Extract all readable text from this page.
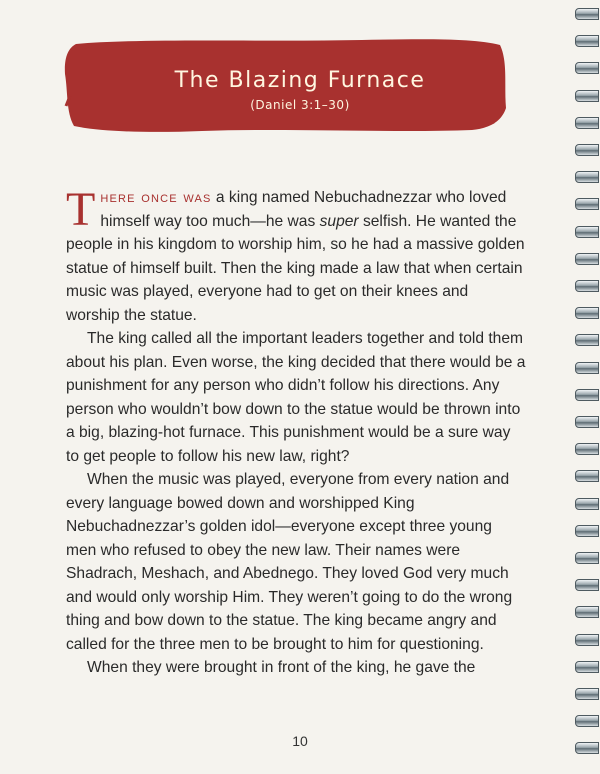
The Blazing Furnace
(Daniel 3:1–30)

There once was a king named Nebuchadnezzar who loved himself way too much—he was super selfish. He wanted the people in his kingdom to worship him, so he had a massive golden statue of himself built. Then the king made a law that when certain music was played, everyone had to get on their knees and worship the statue.

The king called all the important leaders together and told them about his plan. Even worse, the king decided that there would be a punishment for any person who didn’t follow his directions. Any person who wouldn’t bow down to the statue would be thrown into a big, blazing-hot furnace. This punishment would be a sure way to get people to follow his new law, right?

When the music was played, everyone from every nation and every language bowed down and worshipped King Nebuchadnezzar’s golden idol—everyone except three young men who refused to obey the new law. Their names were Shadrach, Meshach, and Abednego. They loved God very much and would only worship Him. They weren’t going to do the wrong thing and bow down to the statue. The king became angry and called for the three men to be brought to him for questioning.

When they were brought in front of the king, he gave the

10
